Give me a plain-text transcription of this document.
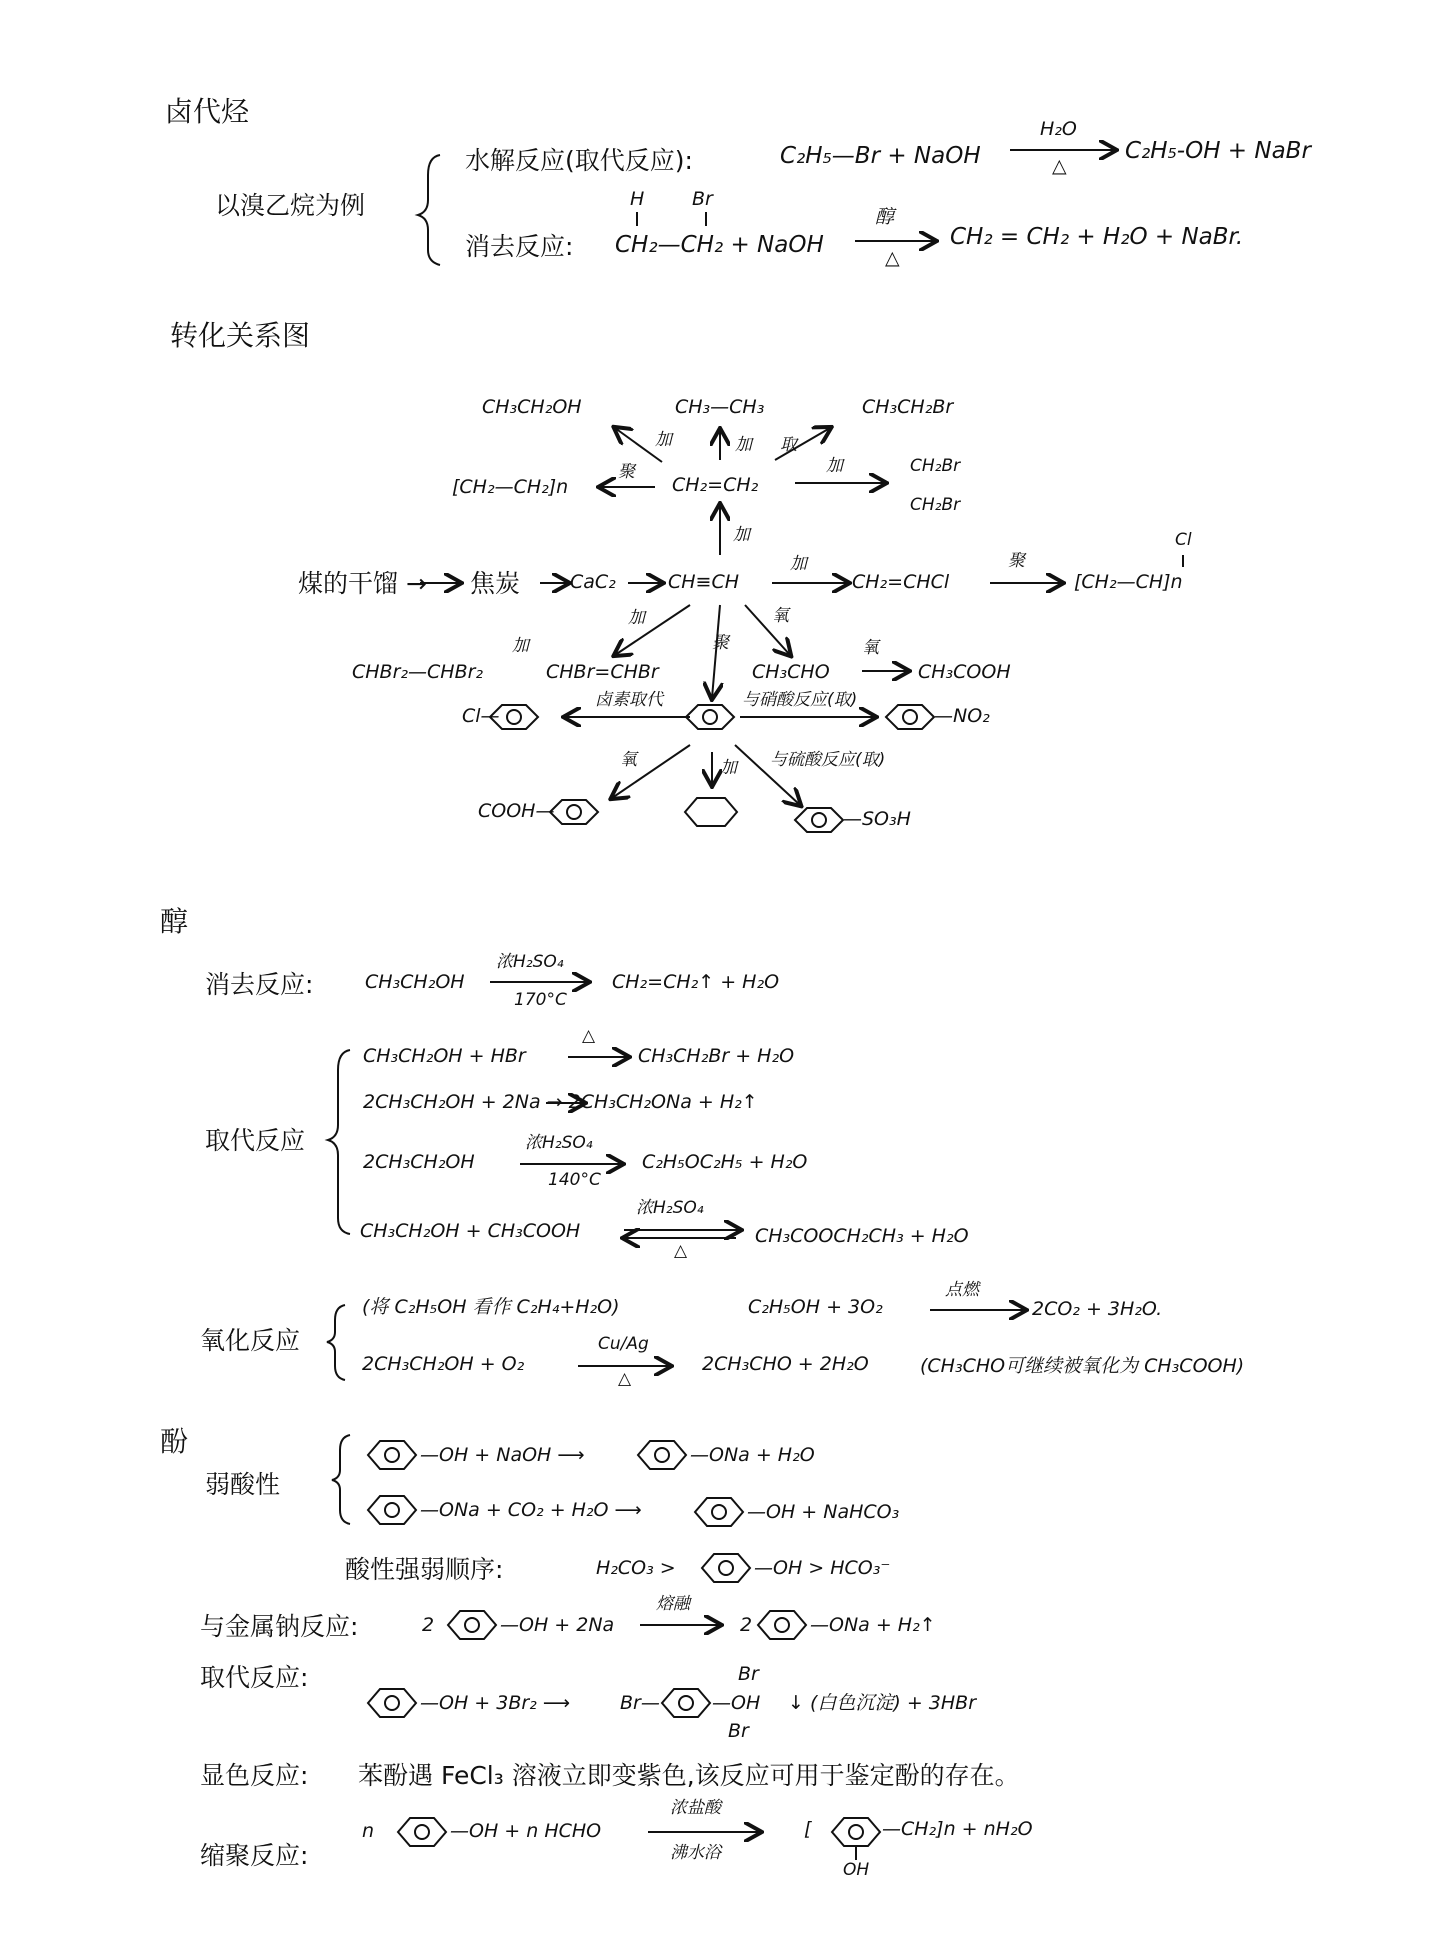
卤代烃
以溴乙烷为例
水解反应(取代反应):	C₂H₅—Br + NaOH
H₂O
△
C₂H₅-OH + NaBr
消去反应:
H	Br
CH₂—CH₂ + NaOH
醇
△
CH₂ = CH₂ + H₂O + NaBr.
转化关系图
CH₃CH₂OH	CH₃—CH₃	CH₃CH₂Br
[CH₂—CH₂]n	CH₂=CH₂
CH₂Br
CH₂Br
加	加 取
聚	加
加
煤的干馏 → 焦炭	CaC₂	CH≡CH
加
CH₂=CHCl
聚
Cl
[CH₂—CH]n
加
加	聚
氧
氧
CHBr₂—CHBr₂	CHBr=CHBr	CH₃CHO	CH₃COOH
Cl—
卤素取代	与硝酸反应(取)
—NO₂
氧	加 与硫酸反应(取)
COOH—	—SO₃H
醇
消去反应:	CH₃CH₂OH
浓H₂SO₄
170°C
CH₂=CH₂↑ + H₂O
取代反应
CH₃CH₂OH + HBr
△
CH₃CH₂Br + H₂O
2CH₃CH₂OH + 2Na → 2CH₃CH₂ONa + H₂↑
2CH₃CH₂OH
浓H₂SO₄
140°C
C₂H₅OC₂H₅ + H₂O
CH₃CH₂OH + CH₃COOH
浓H₂SO₄
△
CH₃COOCH₂CH₃ + H₂O
氧化反应
(将 C₂H₅OH 看作 C₂H₄+H₂O)	C₂H₅OH + 3O₂
点燃
2CO₂ + 3H₂O.
2CH₃CH₂OH + O₂
Cu/Ag
△
2CH₃CHO + 2H₂O	(CH₃CHO可继续被氧化为 CH₃COOH)
酚
弱酸性
—OH + NaOH ⟶	—ONa + H₂O
—ONa + CO₂ + H₂O ⟶	—OH + NaHCO₃
酸性强弱顺序:	H₂CO₃ >	—OH > HCO₃⁻
与金属钠反应:	2	—OH + 2Na
熔融
2	—ONa + H₂↑
取代反应:
—OH + 3Br₂ ⟶	Br—
Br
—OH
Br
↓ (白色沉淀) + 3HBr
显色反应: 苯酚遇 FeCl₃ 溶液立即变紫色,该反应可用于鉴定酚的存在。
缩聚反应:
n	—OH + n HCHO
浓盐酸
沸水浴
[	—CH₂]n + nH₂O
OH
